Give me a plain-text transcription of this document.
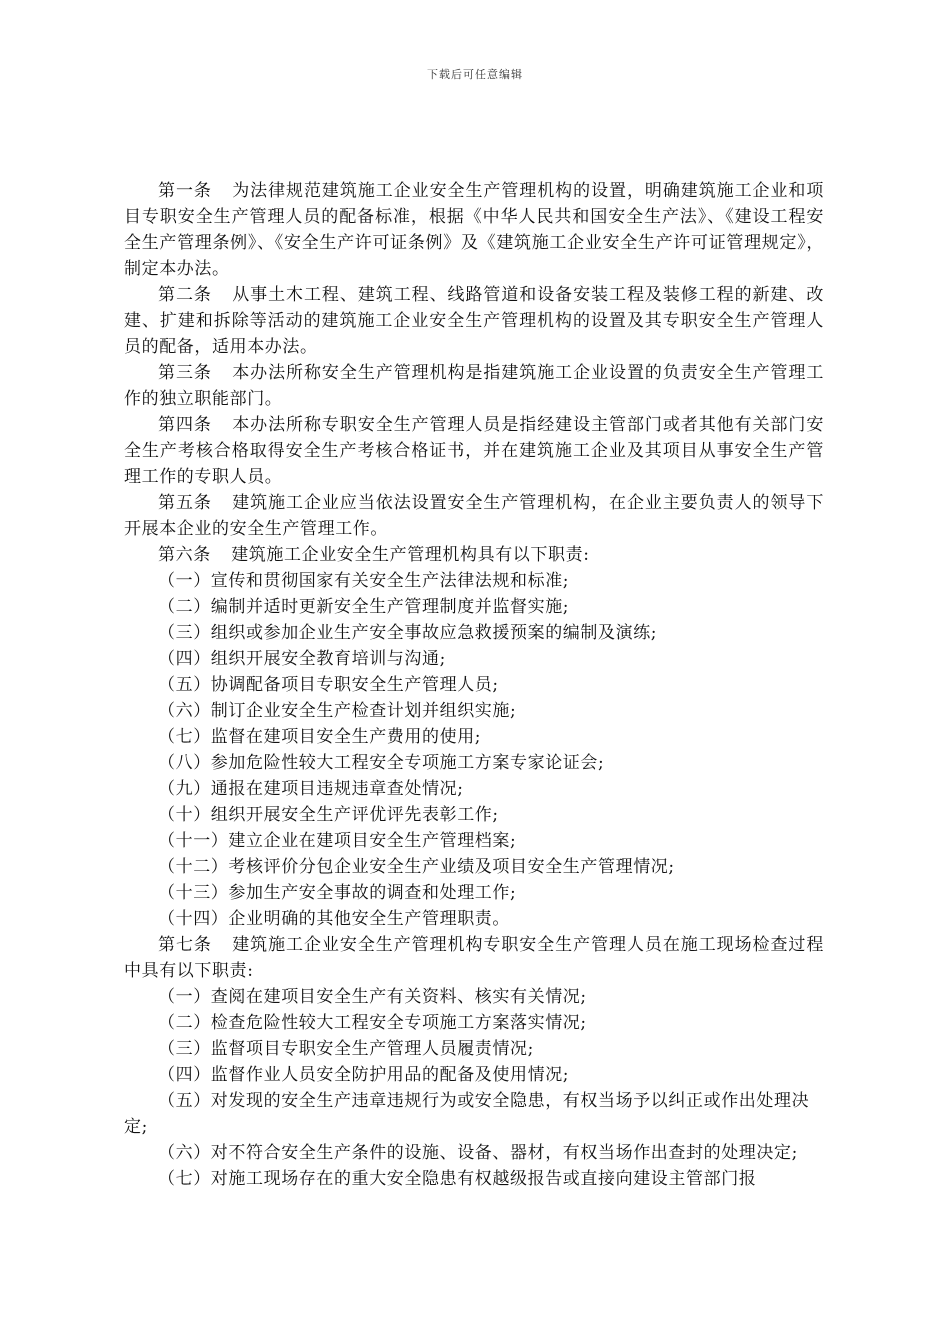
下载后可任意编辑

第一条 为法律规范建筑施工企业安全生产管理机构的设置，明确建筑施工企业和项目专职安全生产管理人员的配备标准，根据《中华人民共和国安全生产法》、《建设工程安全生产管理条例》、《安全生产许可证条例》及《建筑施工企业安全生产许可证管理规定》，制定本办法。

第二条 从事土木工程、建筑工程、线路管道和设备安装工程及装修工程的新建、改建、扩建和拆除等活动的建筑施工企业安全生产管理机构的设置及其专职安全生产管理人员的配备，适用本办法。

第三条 本办法所称安全生产管理机构是指建筑施工企业设置的负责安全生产管理工作的独立职能部门。

第四条 本办法所称专职安全生产管理人员是指经建设主管部门或者其他有关部门安全生产考核合格取得安全生产考核合格证书，并在建筑施工企业及其项目从事安全生产管理工作的专职人员。

第五条 建筑施工企业应当依法设置安全生产管理机构，在企业主要负责人的领导下开展本企业的安全生产管理工作。

第六条 建筑施工企业安全生产管理机构具有以下职责:

（一）宣传和贯彻国家有关安全生产法律法规和标准;

（二）编制并适时更新安全生产管理制度并监督实施;

（三）组织或参加企业生产安全事故应急救援预案的编制及演练;

（四）组织开展安全教育培训与沟通;

（五）协调配备项目专职安全生产管理人员;

（六）制订企业安全生产检查计划并组织实施;

（七）监督在建项目安全生产费用的使用;

（八）参加危险性较大工程安全专项施工方案专家论证会;

（九）通报在建项目违规违章查处情况;

（十）组织开展安全生产评优评先表彰工作;

（十一）建立企业在建项目安全生产管理档案;

（十二）考核评价分包企业安全生产业绩及项目安全生产管理情况;

（十三）参加生产安全事故的调查和处理工作;

（十四）企业明确的其他安全生产管理职责。

第七条 建筑施工企业安全生产管理机构专职安全生产管理人员在施工现场检查过程中具有以下职责:

（一）查阅在建项目安全生产有关资料、核实有关情况;

（二）检查危险性较大工程安全专项施工方案落实情况;

（三）监督项目专职安全生产管理人员履责情况;

（四）监督作业人员安全防护用品的配备及使用情况;

（五）对发现的安全生产违章违规行为或安全隐患，有权当场予以纠正或作出处理决定;

（六）对不符合安全生产条件的设施、设备、器材，有权当场作出查封的处理决定;

（七）对施工现场存在的重大安全隐患有权越级报告或直接向建设主管部门报
